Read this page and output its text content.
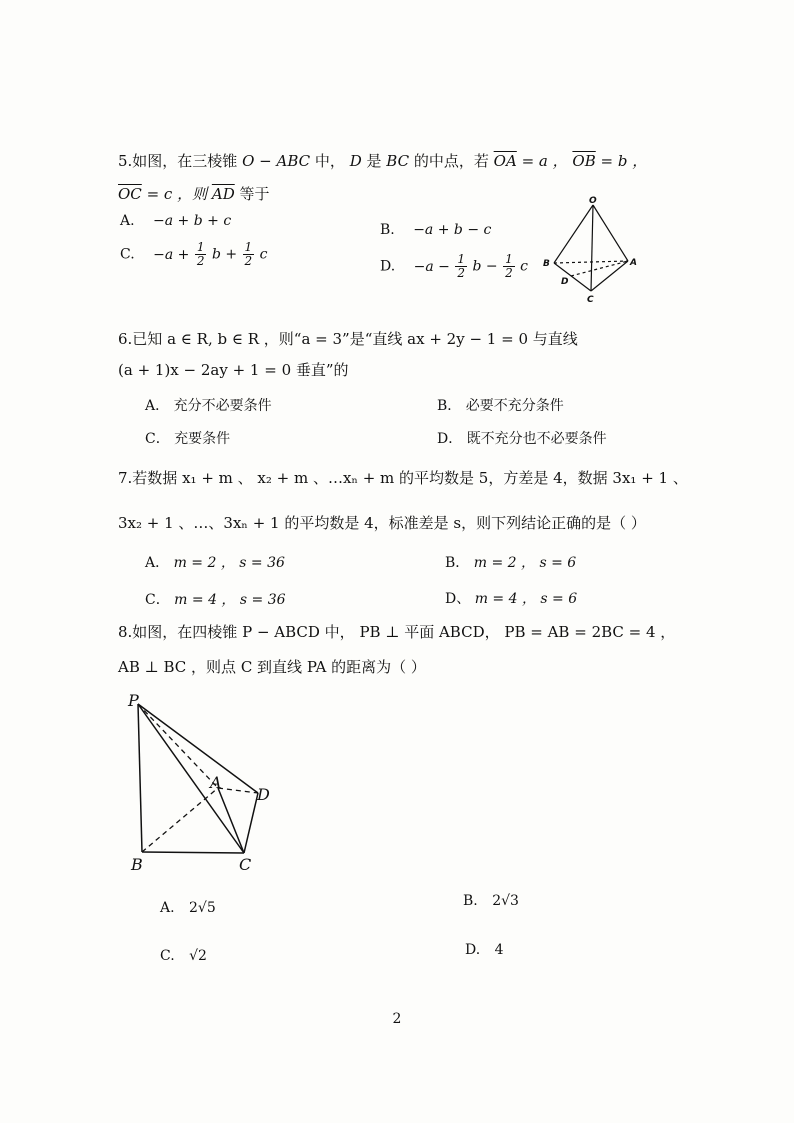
5.如图，在三棱锥 O − ABC 中， D 是 BC 的中点，若 $\overline{OA} = a$ ， $\overline{OB} = b$ ，
$\overline{OC} = c$ ，则 $\overline{AD}$ 等于
A. −a + b + c
B. −a + b − c
C. $-a + \frac{1}{2}$ $b + \frac{1}{2}$ c
D. $-a - \frac{1}{2}$ $b - \frac{1}{2}$ c
O
B	A
D
C
6.已知 a ∈ R, b ∈ R ，则“a = 3”是“直线 ax + 2y − 1 = 0 与直线
(a + 1)x − 2ay + 1 = 0 垂直”的
A． 充分不必要条件	B． 必要不充分条件
C． 充要条件	D． 既不充分也不必要条件
7.若数据 x₁ + m 、 x₂ + m 、…xₙ + m 的平均数是 5，方差是 4，数据 3x₁ + 1 、
3x₂ + 1 、…、3xₙ + 1 的平均数是 4，标准差是 s，则下列结论正确的是（ ）
A． m = 2 ， s = 36	B． m = 2 ， s = 6
C． m = 4 ， s = 36	D、 m = 4 ， s = 6
8.如图，在四棱锥 P − ABCD 中， PB ⊥ 平面 ABCD， PB = AB = 2BC = 4 ，
AB ⊥ BC ，则点 C 到直线 PA 的距离为（ ）
P
A
D
B	C
A. 2√5	B. 2√3
C. √2	D. 4
2
